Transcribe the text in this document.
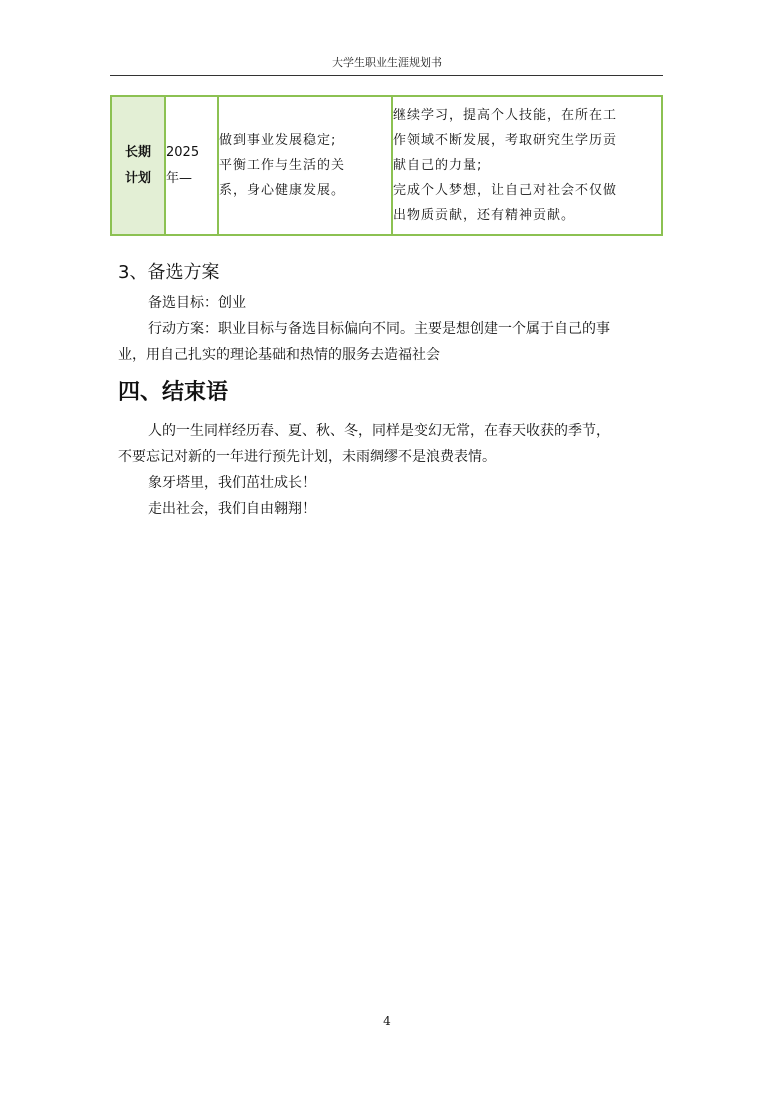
大学生职业生涯规划书
长期
计划

2025
年—

做到事业发展稳定;
平衡工作与生活的关
系，身心健康发展。

继续学习，提高个人技能，在所在工
作领域不断发展，考取研究生学历贡
献自己的力量;
完成个人梦想，让自己对社会不仅做
出物质贡献，还有精神贡献。
3、备选方案
备选目标：创业
行动方案：职业目标与备选目标偏向不同。主要是想创建一个属于自己的事
业，用自己扎实的理论基础和热情的服务去造福社会
四、结束语
人的一生同样经历春、夏、秋、冬，同样是变幻无常，在春天收获的季节，
不要忘记对新的一年进行预先计划，未雨绸缪不是浪费表情。
象牙塔里，我们茁壮成长！
走出社会，我们自由翱翔！
4
